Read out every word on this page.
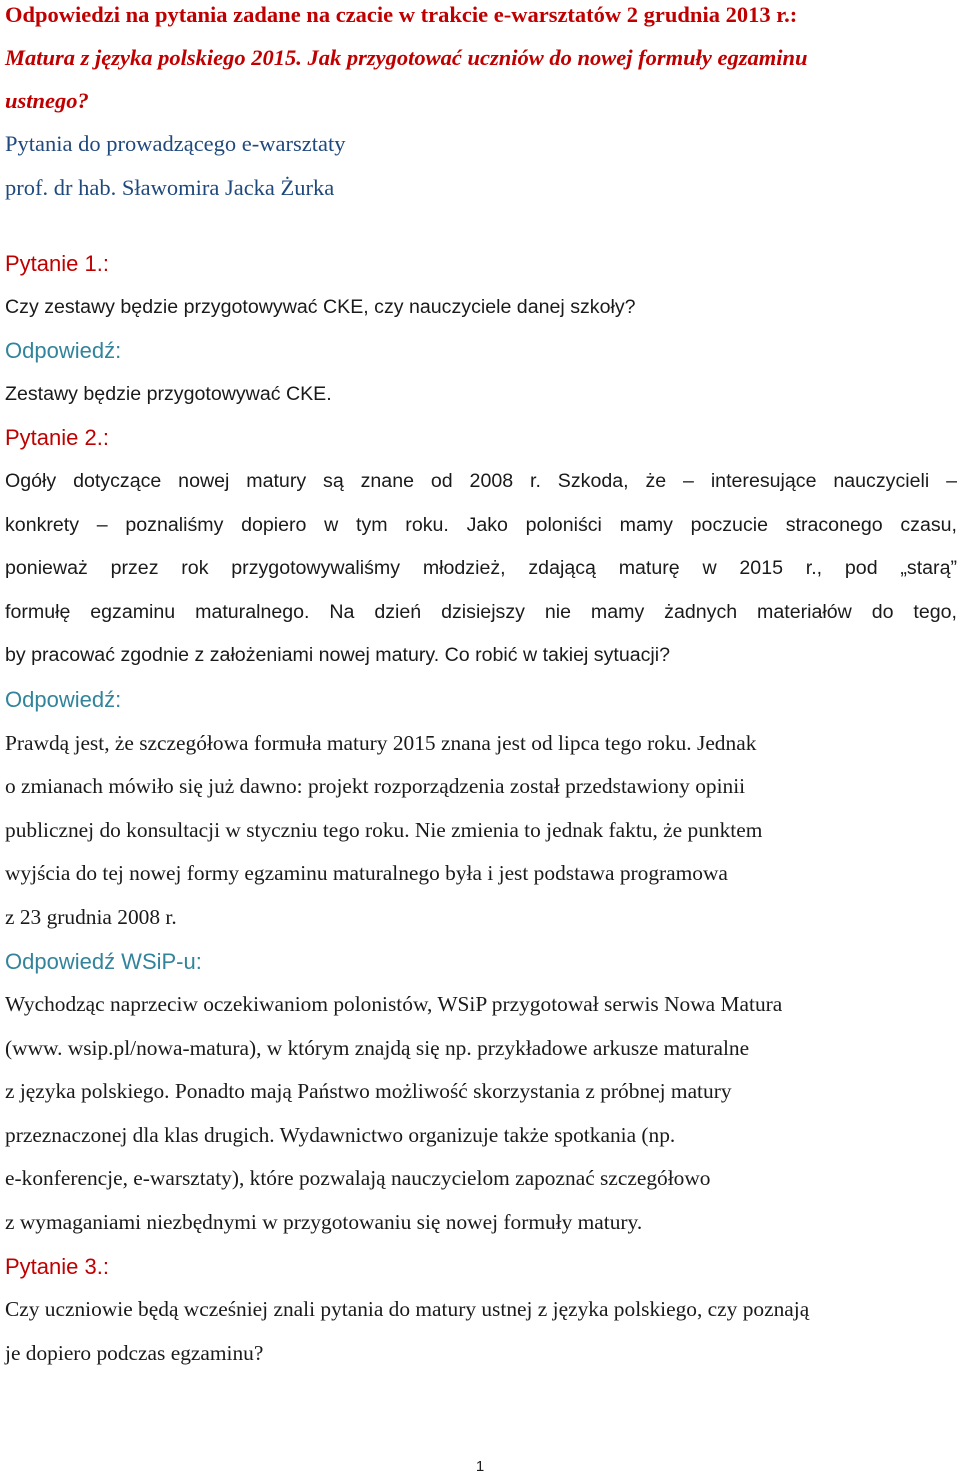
Odpowiedzi na pytania zadane na czacie w trakcie e-warsztatów 2 grudnia 2013 r.:
Matura z języka polskiego 2015. Jak przygotować uczniów do nowej formuły egzaminu
ustnego?
Pytania do prowadzącego e-warsztaty
prof. dr hab. Sławomira Jacka Żurka
Pytanie 1.:
Czy zestawy będzie przygotowywać CKE, czy nauczyciele danej szkoły?
Odpowiedź:
Zestawy będzie przygotowywać CKE.
Pytanie 2.:
Ogóły dotyczące nowej matury są znane od 2008 r. Szkoda, że – interesujące nauczycieli –
konkrety – poznaliśmy dopiero w tym roku. Jako poloniści mamy poczucie straconego czasu,
ponieważ przez rok przygotowywaliśmy młodzież, zdającą maturę w 2015 r., pod „starą”
formułę egzaminu maturalnego. Na dzień dzisiejszy nie mamy żadnych materiałów do tego,
by pracować zgodnie z założeniami nowej matury. Co robić w takiej sytuacji?
Odpowiedź:
Prawdą jest, że szczegółowa formuła matury 2015 znana jest od lipca tego roku. Jednak
o zmianach mówiło się już dawno: projekt rozporządzenia został przedstawiony opinii
publicznej do konsultacji w styczniu tego roku. Nie zmienia to jednak faktu, że punktem
wyjścia do tej nowej formy egzaminu maturalnego była i jest podstawa programowa
z 23 grudnia 2008 r.
Odpowiedź WSiP-u:
Wychodząc naprzeciw oczekiwaniom polonistów, WSiP przygotował serwis Nowa Matura
(www. wsip.pl/nowa-matura), w którym znajdą się np. przykładowe arkusze maturalne
z języka polskiego. Ponadto mają Państwo możliwość skorzystania z próbnej matury
przeznaczonej dla klas drugich. Wydawnictwo organizuje także spotkania (np.
e-konferencje, e-warsztaty), które pozwalają nauczycielom zapoznać szczegółowo
z wymaganiami niezbędnymi w przygotowaniu się nowej formuły matury.
Pytanie 3.:
Czy uczniowie będą wcześniej znali pytania do matury ustnej z języka polskiego, czy poznają
je dopiero podczas egzaminu?
1
